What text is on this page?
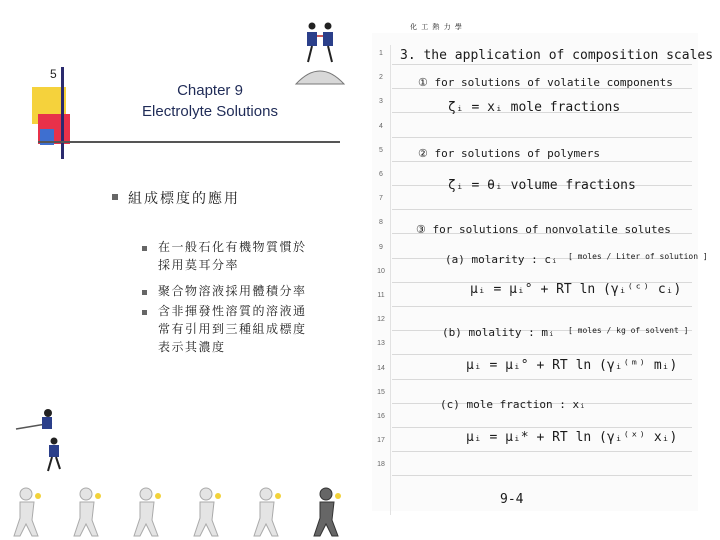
5
Chapter 9
Electrolyte Solutions
組成標度的應用
在一般石化有機物質慣於
採用莫耳分率
聚合物溶液採用體積分率
含非揮發性溶質的溶液通
常有引用到三種組成標度
表示其濃度
化 工 熱 力 學
1
2
3
4
5
6
7
8
9
10
11
12
13
14
15
16
17
18
3. the application of composition scales
① for solutions of volatile components
ζᵢ = xᵢ mole fractions
② for solutions of polymers
ζᵢ = θᵢ volume fractions
③ for solutions of nonvolatile solutes
(a) molarity : cᵢ [ moles / Liter of solution ]
μᵢ = μᵢ° + RT ln (γᵢ⁽ᶜ⁾ cᵢ)
(b) molality : mᵢ [ moles / kg of solvent ]
μᵢ = μᵢ° + RT ln (γᵢ⁽ᵐ⁾ mᵢ)
(c) mole fraction : xᵢ
μᵢ = μᵢ* + RT ln (γᵢ⁽ˣ⁾ xᵢ)
9-4
